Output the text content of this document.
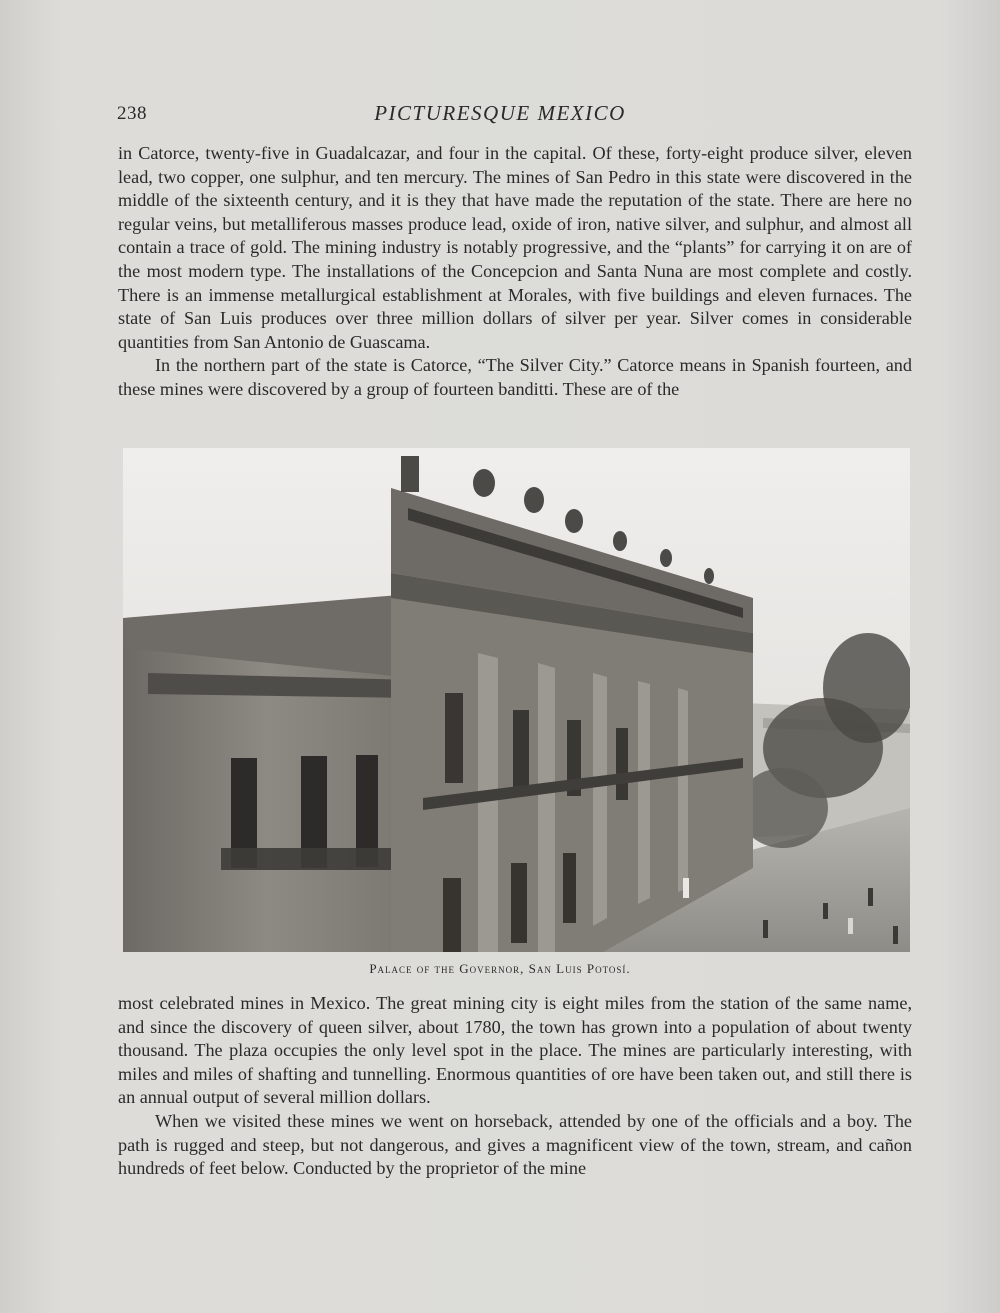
238	PICTURESQUE MEXICO

in Catorce, twenty-five in Guadalcazar, and four in the capital. Of these, forty-eight produce silver, eleven lead, two copper, one sulphur, and ten mercury. The mines of San Pedro in this state were discovered in the middle of the sixteenth century, and it is they that have made the reputation of the state. There are here no regular veins, but metalliferous masses produce lead, oxide of iron, native silver, and sulphur, and almost all contain a trace of gold. The mining industry is notably progressive, and the “plants” for carrying it on are of the most modern type. The installations of the Concepcion and Santa Nuna are most complete and costly. There is an immense metallurgical establishment at Morales, with five buildings and eleven furnaces. The state of San Luis produces over three million dollars of silver per year. Silver comes in considerable quantities from San Antonio de Guascama.

In the northern part of the state is Catorce, “The Silver City.” Catorce means in Spanish fourteen, and these mines were discovered by a group of fourteen banditti. These are of the

Palace of the Governor, San Luis Potosí.

most celebrated mines in Mexico. The great mining city is eight miles from the station of the same name, and since the discovery of queen silver, about 1780, the town has grown into a population of about twenty thousand. The plaza occupies the only level spot in the place. The mines are particularly interesting, with miles and miles of shafting and tunnelling. Enormous quantities of ore have been taken out, and still there is an annual output of several million dollars.

When we visited these mines we went on horseback, attended by one of the officials and a boy. The path is rugged and steep, but not dangerous, and gives a magnificent view of the town, stream, and cañon hundreds of feet below. Conducted by the proprietor of the mine
